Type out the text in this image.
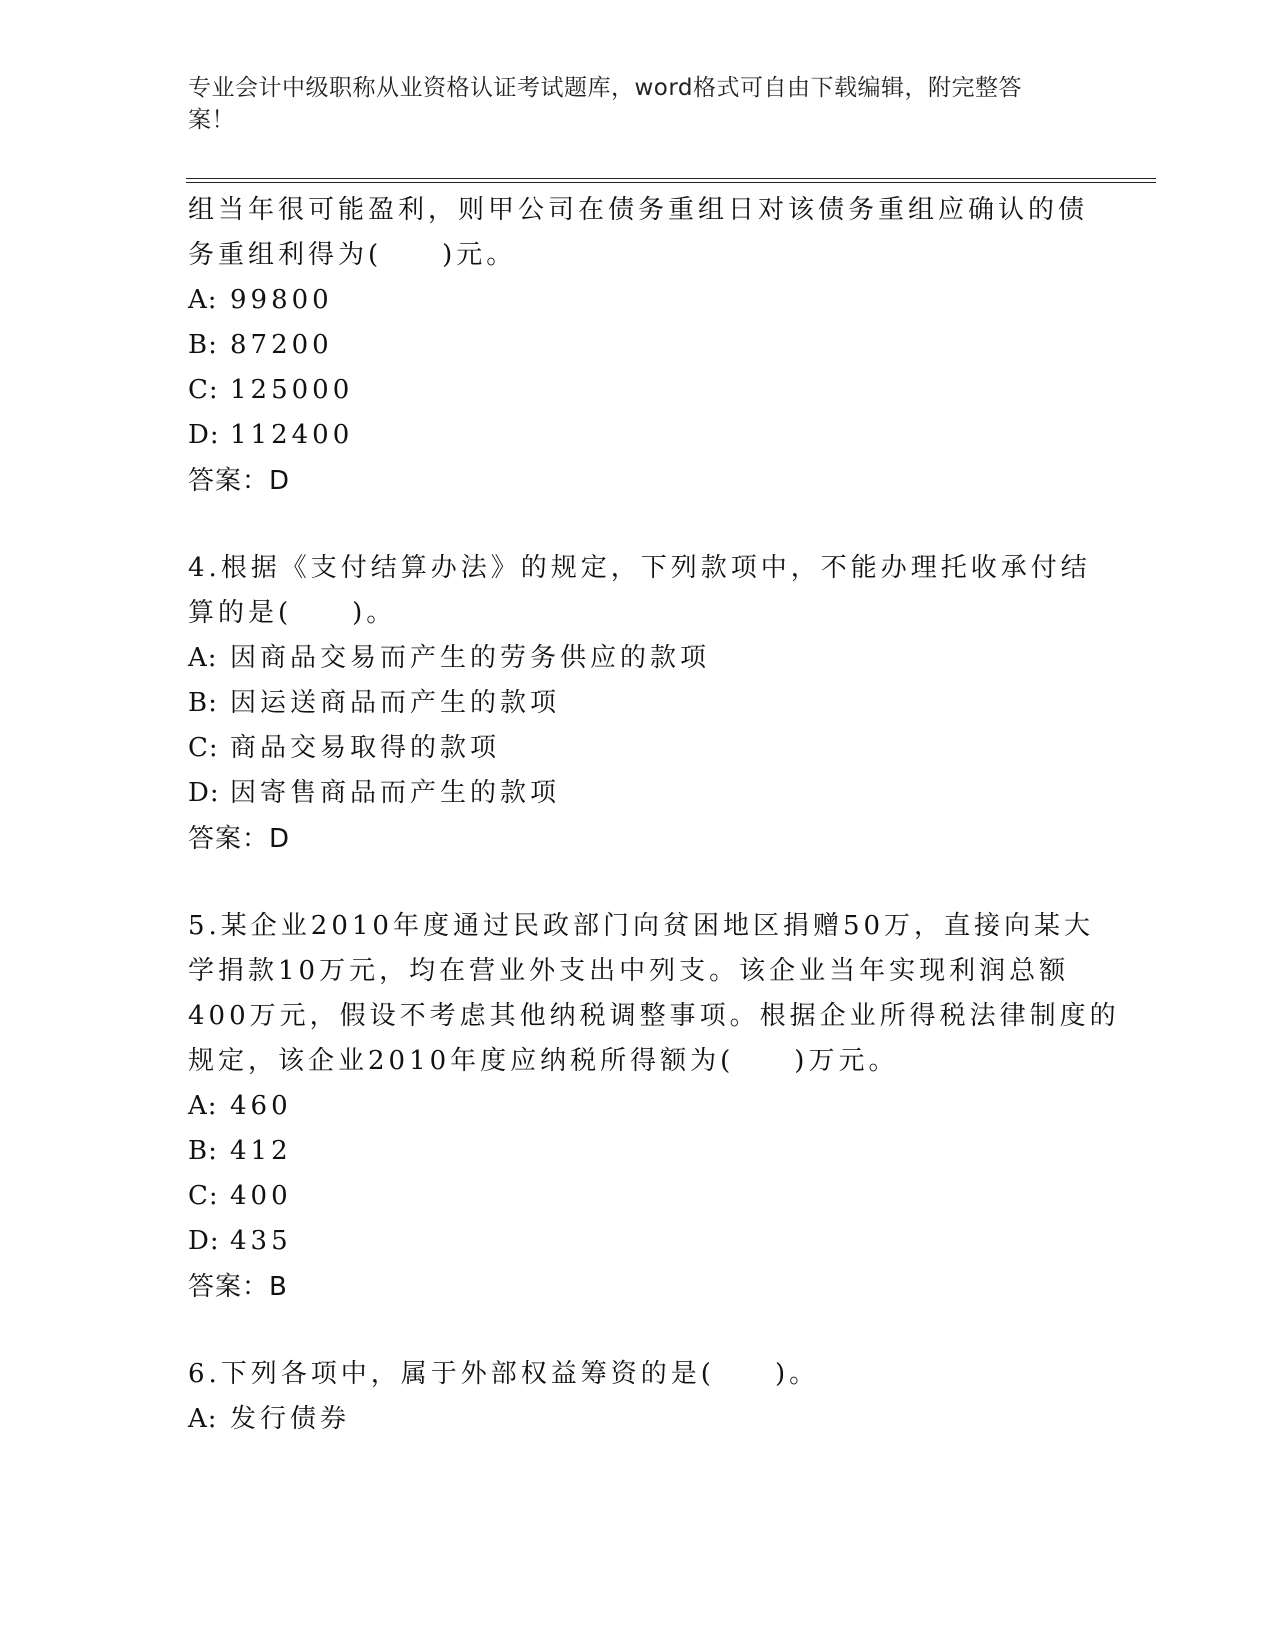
专业会计中级职称从业资格认证考试题库，word格式可自由下载编辑，附完整答案！

组当年很可能盈利，则甲公司在债务重组日对该债务重组应确认的债

务重组利得为(　　)元。

A: 99800

B: 87200

C: 125000

D: 112400

答案：D

4.根据《支付结算办法》的规定，下列款项中，不能办理托收承付结

算的是(　　)。

A: 因商品交易而产生的劳务供应的款项

B: 因运送商品而产生的款项

C: 商品交易取得的款项

D: 因寄售商品而产生的款项

答案：D

5.某企业2010年度通过民政部门向贫困地区捐赠50万，直接向某大

学捐款10万元，均在营业外支出中列支。该企业当年实现利润总额

400万元，假设不考虑其他纳税调整事项。根据企业所得税法律制度的

规定，该企业2010年度应纳税所得额为(　　)万元。

A: 460

B: 412

C: 400

D: 435

答案：B

6.下列各项中，属于外部权益筹资的是(　　)。

A: 发行债券
